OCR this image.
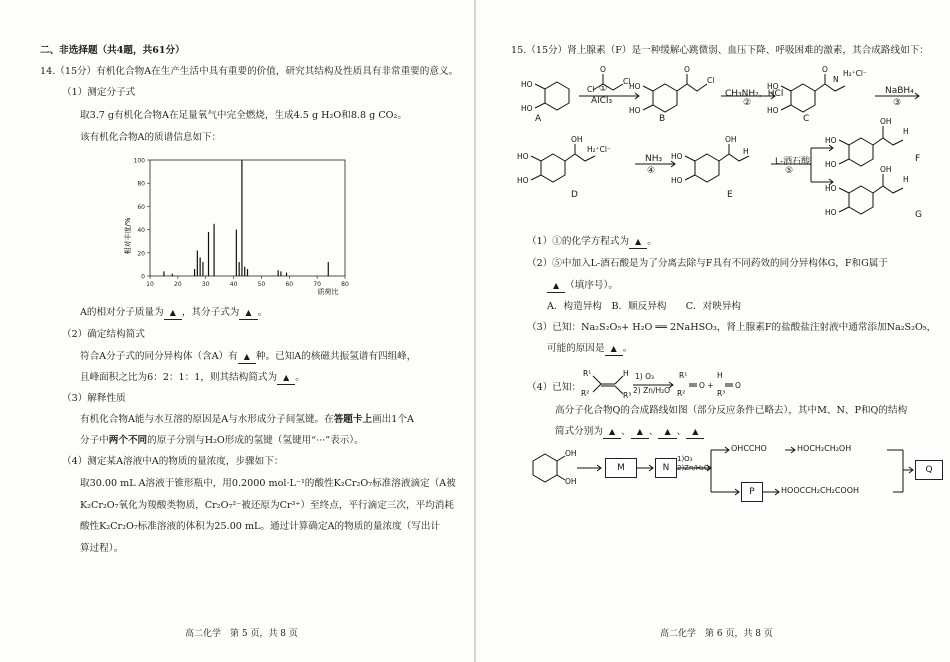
二、非选择题（共4题，共61分）
14.（15分）有机化合物A在生产生活中具有重要的价值，研究其结构及性质具有非常重要的意义。
（1）测定分子式
取3.7 g有机化合物A在足量氧气中完全燃烧，生成4.5 g H₂O和8.8 g CO₂。
该有机化合物A的质谱信息如下：
相对丰度/%
质荷比
0
20
40
60
80
100
10	20	30	40	50	60	70	80
A的相对分子质量为 ▲ ，其分子式为 ▲ 。
（2）确定结构简式
符合A分子式的同分异构体（含A）有 ▲ 种。已知A的核磁共振氢谱有四组峰，
且峰面积之比为6：2：1：1，则其结构简式为 ▲ 。
（3）解释性质
有机化合物A能与水互溶的原因是A与水形成分子间氢键。在答题卡上画出1个A
分子中两个不同的原子分别与H₂O形成的氢键（氢键用“···”表示）。
（4）测定某A溶液中A的物质的量浓度，步骤如下：
取30.00 mL A溶液于锥形瓶中，用0.2000 mol·L⁻¹的酸性K₂Cr₂O₇标准溶液滴定（A被
K₂Cr₂O₇氧化为羧酸类物质，Cr₂O₇²⁻被还原为Cr³⁺）至终点，平行滴定三次，平均消耗
酸性K₂Cr₂O₇标准溶液的体积为25.00 mL。通过计算确定A的物质的量浓度（写出计
算过程）。
高二化学　第 5 页，共 8 页
15.（15分）肾上腺素（F）是一种缓解心跳微弱、血压下降、呼吸困难的激素，其合成路线如下：
HO
HO
Cl
Cl
O
HO
HO
O
Cl
HO
HO
O
N
H₂⁺Cl⁻
HO
HO
OH
H₂⁺Cl⁻
HO
HO
OH
H
HO
HO
OH
H
HO
HO
OH
H
AlCl₃
①	CH₃NH₂，HCl
②
NaBH₄
③
NH₃
④
L-酒石酸
⑤
A	B	C
D	E
F
G
（1）①的化学方程式为 ▲ 。
（2）⑤中加入L-酒石酸是为了分离去除与F具有不同药效的同分异构体G，F和G属于
▲ （填序号）。
A．构造异构　B．顺反异构　　C．对映异构
（3）已知：Na₂S₂O₅+ H₂O ══ 2NaHSO₃，肾上腺素F的盐酸盐注射液中通常添加Na₂S₂O₅，
可能的原因是 ▲ 。
（4）已知：
R¹
R²
H
R³
R¹
R²
O +	O
H
R³
1) O₃
2) Zn/H₂O
高分子化合物Q的合成路线如图（部分反应条件已略去），其中M、N、P和Q的结构
简式分别为 ▲ 、 ▲ 、 ▲ 、 ▲
OH
OH
M	N
1)O₃ 2)Zn/H₂O
P
Q
OHCCHO	HOCH₂CH₂OH
HOOCCH₂CH₂COOH
高二化学　第 6 页，共 8 页
